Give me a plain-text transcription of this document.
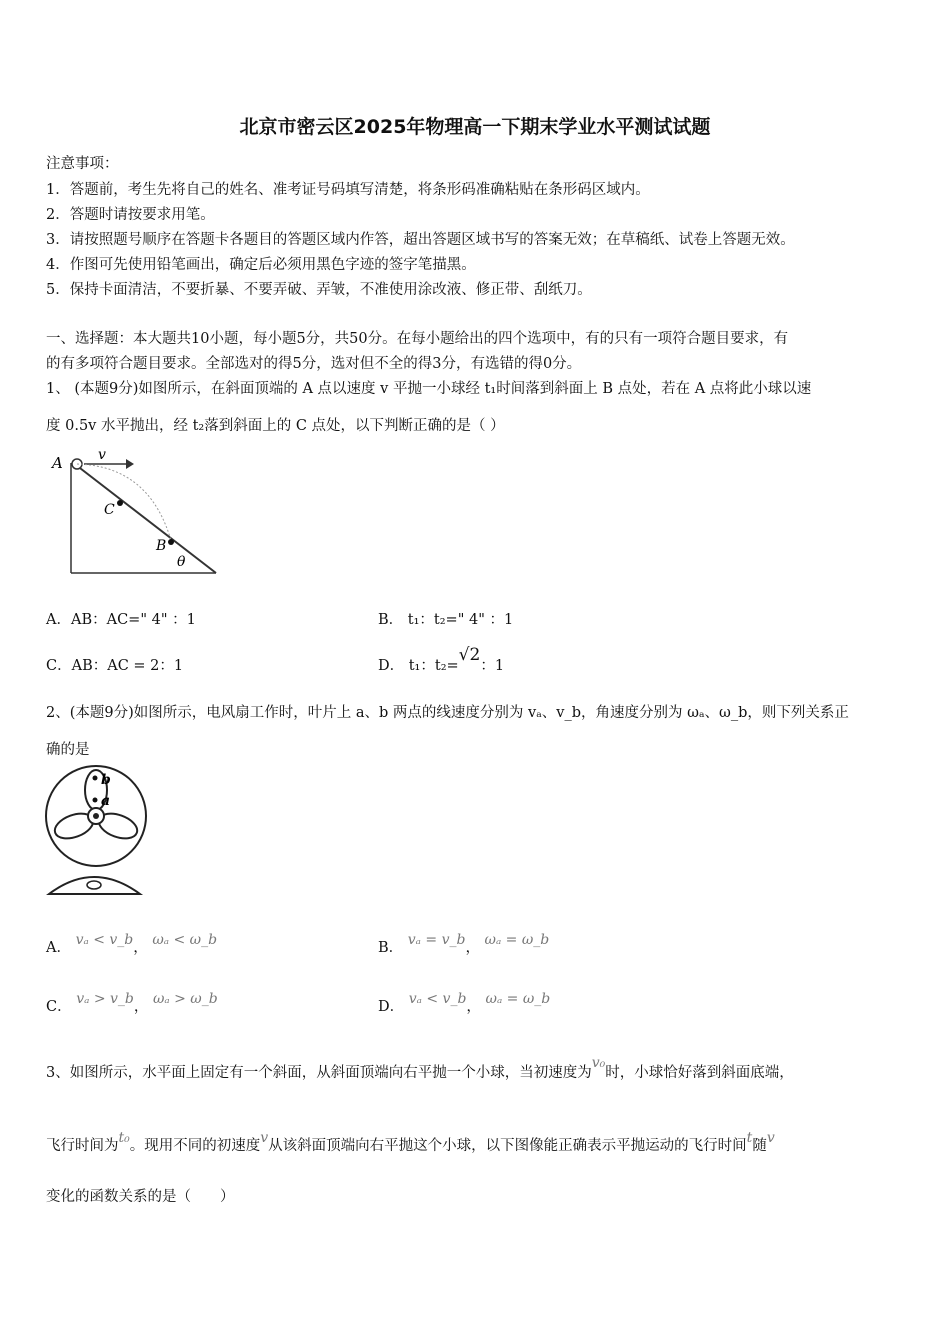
北京市密云区2025年物理高一下期末学业水平测试试题
注意事项：
1．答题前，考生先将自己的姓名、准考证号码填写清楚，将条形码准确粘贴在条形码区域内。
2．答题时请按要求用笔。
3．请按照题号顺序在答题卡各题目的答题区域内作答，超出答题区域书写的答案无效；在草稿纸、试卷上答题无效。
4．作图可先使用铅笔画出，确定后必须用黑色字迹的签字笔描黑。
5．保持卡面清洁，不要折暴、不要弄破、弄皱，不准使用涂改液、修正带、刮纸刀。
一、选择题：本大题共10小题，每小题5分，共50分。在每小题给出的四个选项中，有的只有一项符合题目要求，有
的有多项符合题目要求。全部选对的得5分，选对但不全的得3分，有选错的得0分。
1、 (本题9分)如图所示，在斜面顶端的 A 点以速度 v 平抛一小球经 t₁时间落到斜面上 B 点处，若在 A 点将此小球以速
度 0.5v 水平抛出，经 t₂落到斜面上的 C 点处，以下判断正确的是（ ）
A	v
C
B
θ
A．AB：AC=" 4" ：1	B． t₁：t₂=" 4" ：1
C．AB：AC = 2：1	D． t₁：t₂=√2：1
2、(本题9分)如图所示，电风扇工作时，叶片上 a、b 两点的线速度分别为 vₐ、v_b，角速度分别为 ωₐ、ω_b，则下列关系正
确的是
b
a
A． vₐ < v_b， ωₐ < ω_b	B． vₐ = v_b， ωₐ = ω_b
C． vₐ > v_b， ωₐ > ω_b	D． vₐ < v_b， ωₐ = ω_b
3、如图所示，水平面上固定有一个斜面，从斜面顶端向右平抛一个小球，当初速度为v₀时，小球恰好落到斜面底端，
飞行时间为t₀。现用不同的初速度v从该斜面顶端向右平抛这个小球，以下图像能正确表示平抛运动的飞行时间t随v
变化的函数关系的是（　　）
